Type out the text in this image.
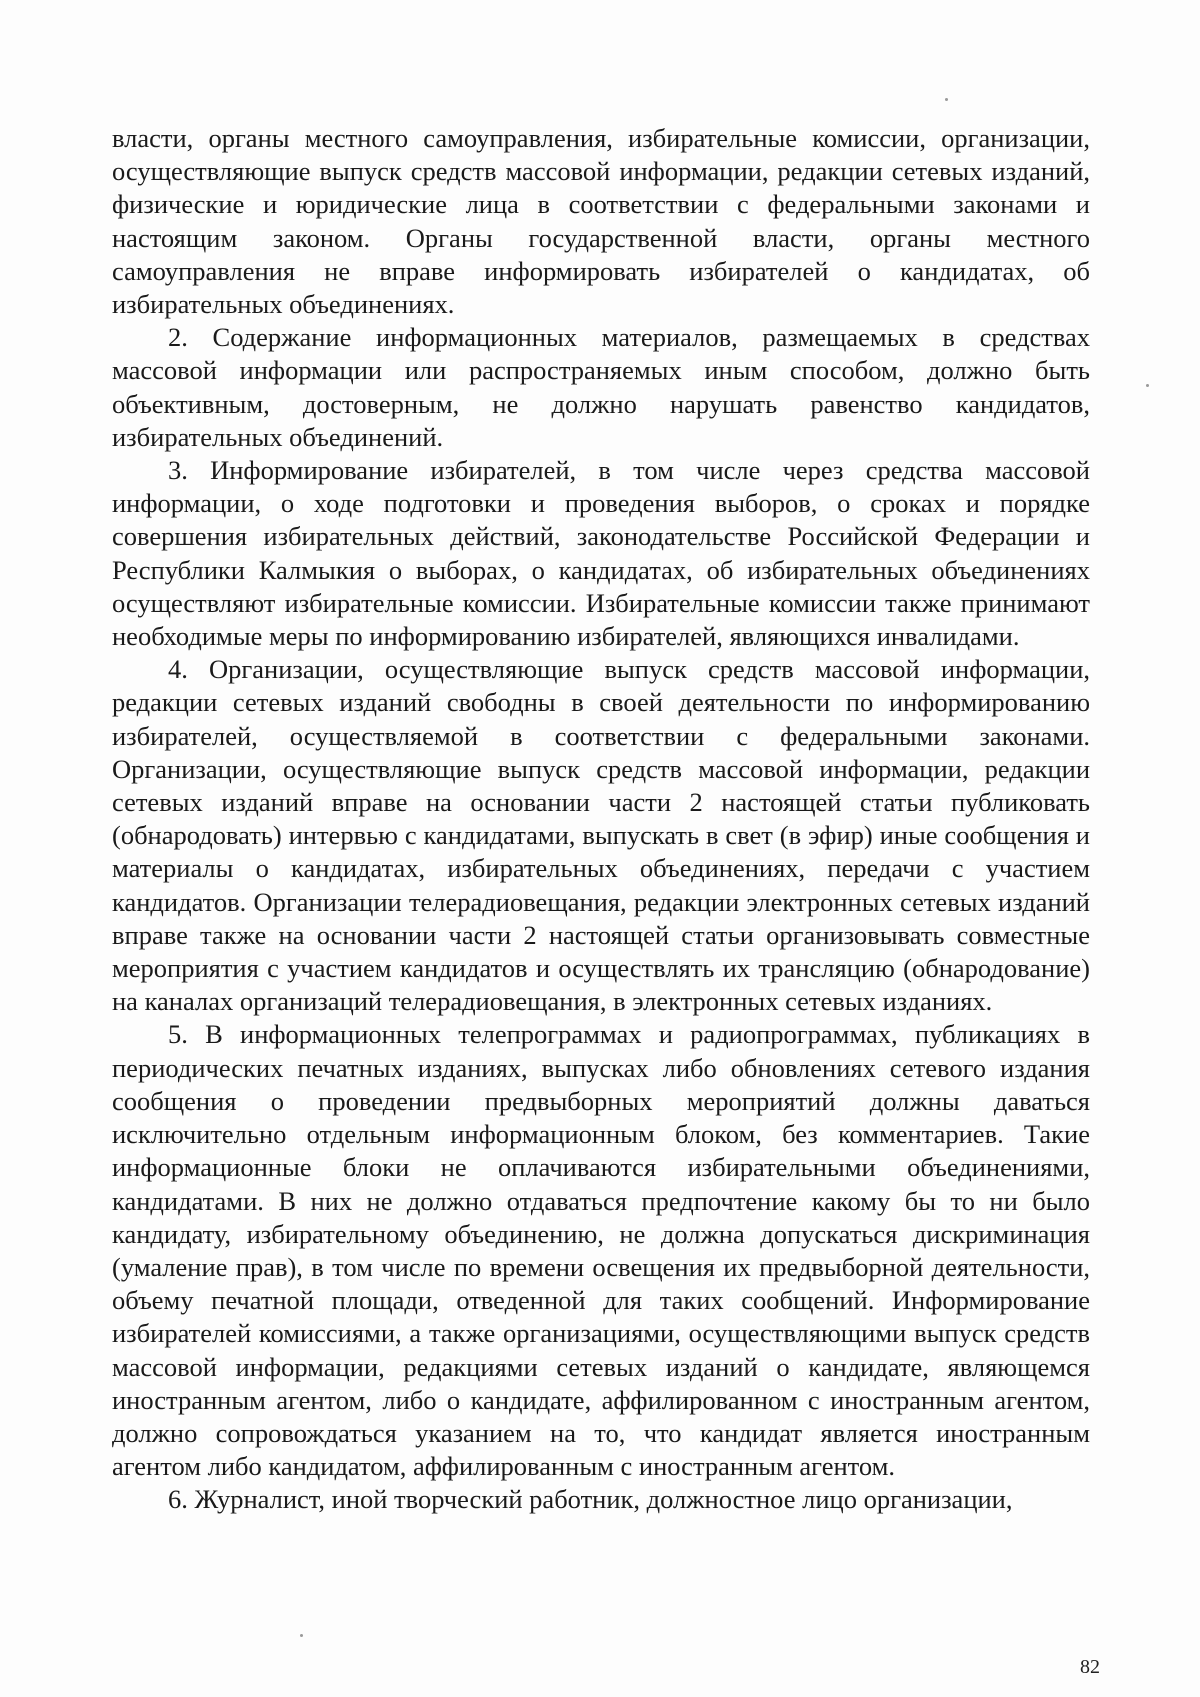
власти, органы местного самоуправления, избирательные комиссии, организации, осуществляющие выпуск средств массовой информации, редакции сетевых изданий, физические и юридические лица в соответствии с федеральными законами и настоящим законом. Органы государственной власти, органы местного самоуправления не вправе информировать избирателей о кандидатах, об избирательных объединениях.

2. Содержание информационных материалов, размещаемых в средствах массовой информации или распространяемых иным способом, должно быть объективным, достоверным, не должно нарушать равенство кандидатов, избирательных объединений.

3. Информирование избирателей, в том числе через средства массовой информации, о ходе подготовки и проведения выборов, о сроках и порядке совершения избирательных действий, законодательстве Российской Федерации и Республики Калмыкия о выборах, о кандидатах, об избирательных объединениях осуществляют избирательные комиссии. Избирательные комиссии также принимают необходимые меры по информированию избирателей, являющихся инвалидами.

4. Организации, осуществляющие выпуск средств массовой информации, редакции сетевых изданий свободны в своей деятельности по информированию избирателей, осуществляемой в соответствии с федеральными законами. Организации, осуществляющие выпуск средств массовой информации, редакции сетевых изданий вправе на основании части 2 настоящей статьи публиковать (обнародовать) интервью с кандидатами, выпускать в свет (в эфир) иные сообщения и материалы о кандидатах, избирательных объединениях, передачи с участием кандидатов. Организации телерадиовещания, редакции электронных сетевых изданий вправе также на основании части 2 настоящей статьи организовывать совместные мероприятия с участием кандидатов и осуществлять их трансляцию (обнародование) на каналах организаций телерадиовещания, в электронных сетевых изданиях.

5. В информационных телепрограммах и радиопрограммах, публикациях в периодических печатных изданиях, выпусках либо обновлениях сетевого издания сообщения о проведении предвыборных мероприятий должны даваться исключительно отдельным информационным блоком, без комментариев. Такие информационные блоки не оплачиваются избирательными объединениями, кандидатами. В них не должно отдаваться предпочтение какому бы то ни было кандидату, избирательному объединению, не должна допускаться дискриминация (умаление прав), в том числе по времени освещения их предвыборной деятельности, объему печатной площади, отведенной для таких сообщений. Информирование избирателей комиссиями, а также организациями, осуществляющими выпуск средств массовой информации, редакциями сетевых изданий о кандидате, являющемся иностранным агентом, либо о кандидате, аффилированном с иностранным агентом, должно сопровождаться указанием на то, что кандидат является иностранным агентом либо кандидатом, аффилированным с иностранным агентом.

6. Журналист, иной творческий работник, должностное лицо организации,

82
